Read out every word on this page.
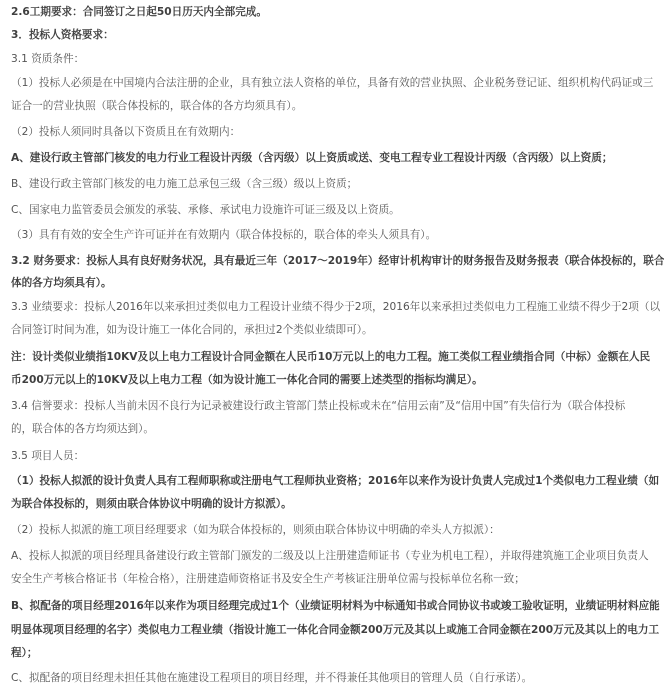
2.6工期要求：合同签订之日起50日历天内全部完成。
3．投标人资格要求：
3.1 资质条件：
（1）投标人必须是在中国境内合法注册的企业，具有独立法人资格的单位，具备有效的营业执照、企业税务登记证、组织机构代码证或三
证合一的营业执照（联合体投标的，联合体的各方均须具有）。
（2）投标人须同时具备以下资质且在有效期内：
A、建设行政主管部门核发的电力行业工程设计丙级（含丙级）以上资质或送、变电工程专业工程设计丙级（含丙级）以上资质；
B、建设行政主管部门核发的电力施工总承包三级（含三级）级以上资质；
C、国家电力监管委员会颁发的承装、承修、承试电力设施许可证三级及以上资质。
（3）具有有效的安全生产许可证并在有效期内（联合体投标的，联合体的牵头人须具有）。
3.2 财务要求：投标人具有良好财务状况，具有最近三年（2017～2019年）经审计机构审计的财务报告及财务报表（联合体投标的，联合
体的各方均须具有）。
3.3 业绩要求：投标人2016年以来承担过类似电力工程设计业绩不得少于2项，2016年以来承担过类似电力工程施工业绩不得少于2项（以
合同签订时间为准，如为设计施工一体化合同的，承担过2个类似业绩即可）。
注：设计类似业绩指10KV及以上电力工程设计合同金额在人民币10万元以上的电力工程。施工类似工程业绩指合同（中标）金额在人民
币200万元以上的10KV及以上电力工程（如为设计施工一体化合同的需要上述类型的指标均满足）。
3.4 信誉要求：投标人当前未因不良行为记录被建设行政主管部门禁止投标或未在“信用云南”及“信用中国”有失信行为（联合体投标
的，联合体的各方均须达到）。
3.5 项目人员：
（1）投标人拟派的设计负责人具有工程师职称或注册电气工程师执业资格；2016年以来作为设计负责人完成过1个类似电力工程业绩（如
为联合体投标的，则须由联合体协议中明确的设计方拟派）。
（2）投标人拟派的施工项目经理要求（如为联合体投标的，则须由联合体协议中明确的牵头人方拟派）：
A、投标人拟派的项目经理具备建设行政主管部门颁发的二级及以上注册建造师证书（专业为机电工程），并取得建筑施工企业项目负责人
安全生产考核合格证书（年检合格），注册建造师资格证书及安全生产考核证注册单位需与投标单位名称一致；
B、拟配备的项目经理2016年以来作为项目经理完成过1个（业绩证明材料为中标通知书或合同协议书或竣工验收证明，业绩证明材料应能
明显体现项目经理的名字）类似电力工程业绩（指设计施工一体化合同金额200万元及其以上或施工合同金额在200万元及其以上的电力工
程）；
C、拟配备的项目经理未担任其他在施建设工程项目的项目经理，并不得兼任其他项目的管理人员（自行承诺）。
